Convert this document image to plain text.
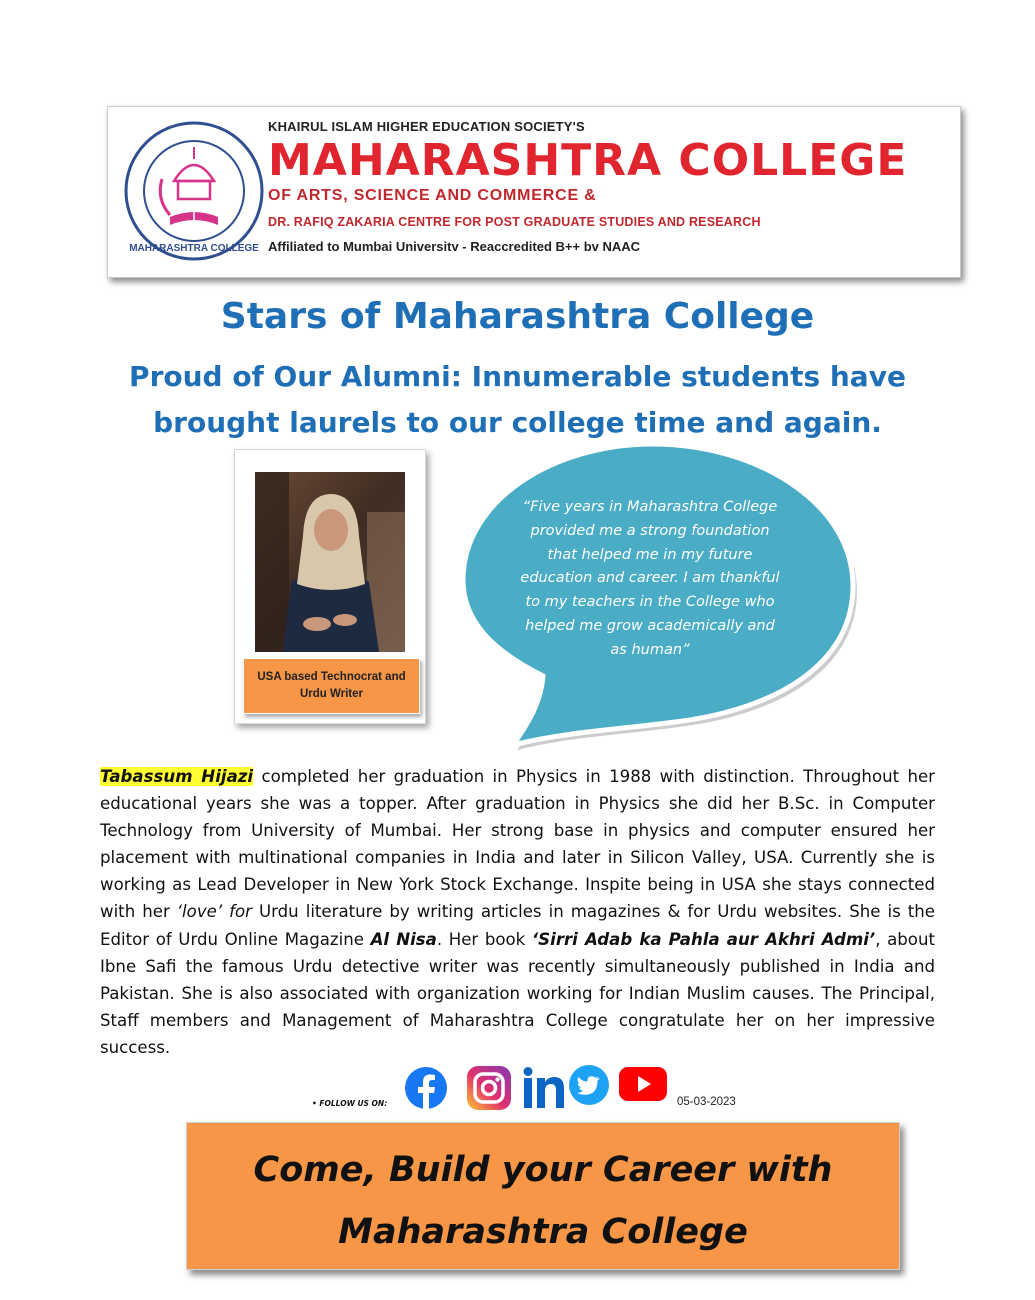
MAHARASHTRA COLLEGE
KHAIRUL ISLAM HIGHER EDUCATION SOCIETY'S
MAHARASHTRA COLLEGE
OF ARTS, SCIENCE AND COMMERCE &
DR. RAFIQ ZAKARIA CENTRE FOR POST GRADUATE STUDIES AND RESEARCH
Affiliated to Mumbai Universitv - Reaccredited B++ bv NAAC
Stars of Maharashtra College
Proud of Our Alumni: Innumerable students have brought laurels to our college time and again.
USA based Technocrat and Urdu Writer
“Five years in Maharashtra College provided me a strong foundation that helped me in my future education and career. I am thankful to my teachers in the College who helped me grow academically and as human”
Tabassum Hijazi completed her graduation in Physics in 1988 with distinction. Throughout her educational years she was a topper. After graduation in Physics she did her B.Sc. in Computer Technology from University of Mumbai. Her strong base in physics and computer ensured her placement with multinational companies in India and later in Silicon Valley, USA. Currently she is working as Lead Developer in New York Stock Exchange. Inspite being in USA she stays connected with her ‘love’ for Urdu literature by writing articles in magazines & for Urdu websites. She is the Editor of Urdu Online Magazine Al Nisa. Her book ‘Sirri Adab ka Pahla aur Akhri Admi’, about Ibne Safi the famous Urdu detective writer was recently simultaneously published in India and Pakistan. She is also associated with organization working for Indian Muslim causes. The Principal, Staff members and Management of Maharashtra College congratulate her on her impressive success.
• FOLLOW US ON:	05-03-2023
Come, Build your Career with
Maharashtra College
